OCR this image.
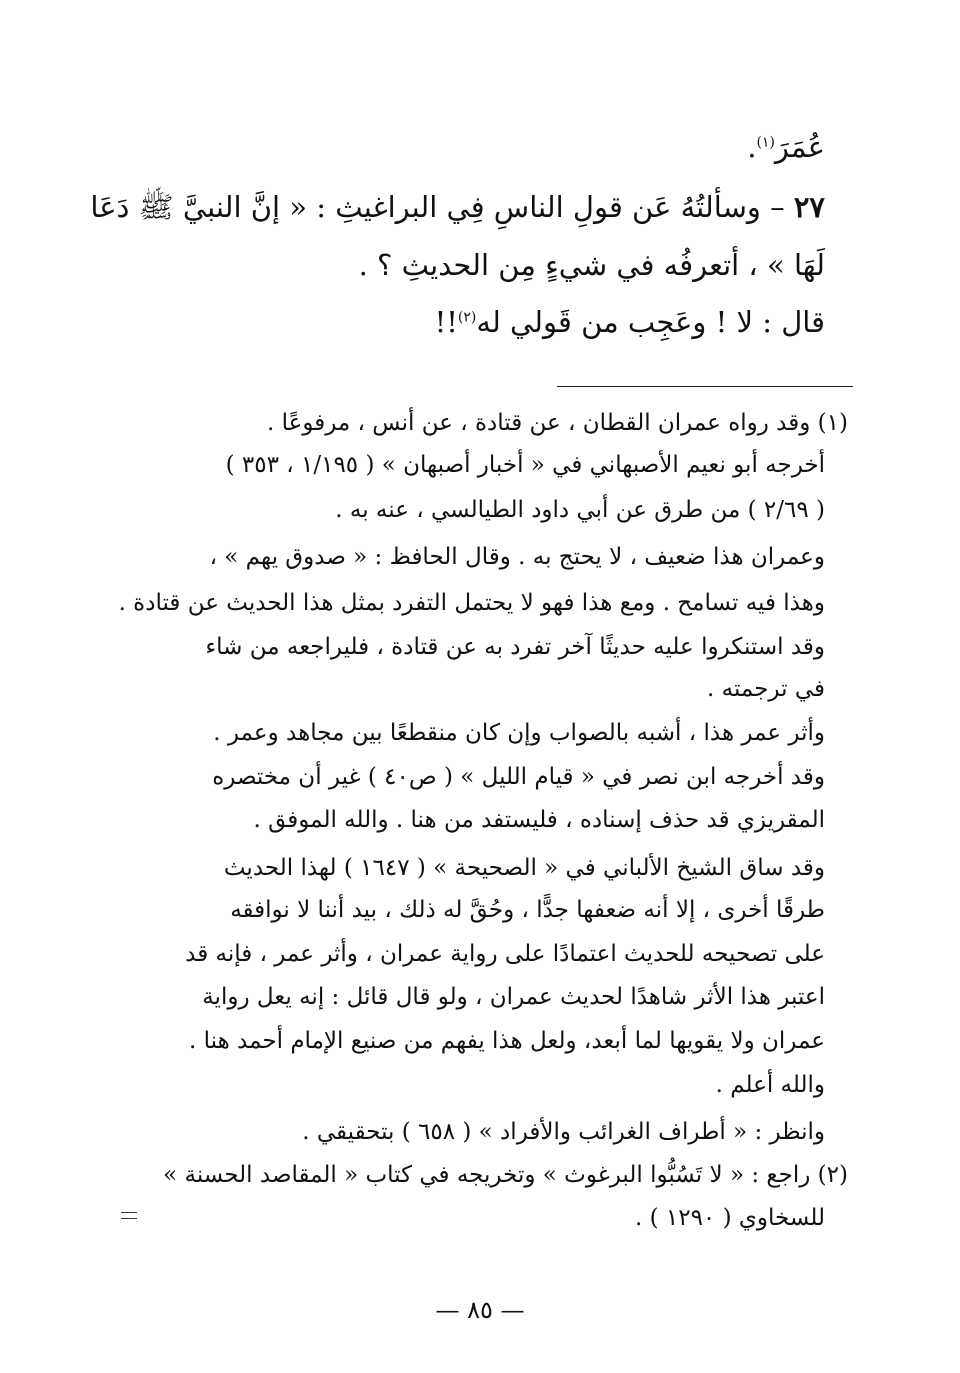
عُمَرَ$^{(١)}$.
٢٧ – وسألتُهُ عَن قولِ الناسِ فِي البراغيثِ : « إنَّ النبيَّ ﷺ دَعَا
لَهَا » ، أتعرفُه في شيءٍ مِن الحديثِ ؟ .
قال : لا ! وعَجِب من قَولي له$^{(٢)}$!!
(١) وقد رواه عمران القطان ، عن قتادة ، عن أنس ، مرفوعًا .
أخرجه أبو نعيم الأصبهاني في « أخبار أصبهان » ( ١/١٩٥ ، ٣٥٣ )
( ٢/٦٩ ) من طرق عن أبي داود الطيالسي ، عنه به .
وعمران هذا ضعيف ، لا يحتج به . وقال الحافظ : « صدوق يهم » ،
وهذا فيه تسامح . ومع هذا فهو لا يحتمل التفرد بمثل هذا الحديث عن قتادة .
وقد استنكروا عليه حديثًا آخر تفرد به عن قتادة ، فليراجعه من شاء
في ترجمته .
وأثر عمر هذا ، أشبه بالصواب وإن كان منقطعًا بين مجاهد وعمر .
وقد أخرجه ابن نصر في « قيام الليل » ( ص٤٠ ) غير أن مختصره
المقريزي قد حذف إسناده ، فليستفد من هنا . والله الموفق .
وقد ساق الشيخ الألباني في « الصحيحة » ( ١٦٤٧ ) لهذا الحديث
طرقًا أخرى ، إلا أنه ضعفها جدًّا ، وحُقَّ له ذلك ، بيد أننا لا نوافقه
على تصحيحه للحديث اعتمادًا على رواية عمران ، وأثر عمر ، فإنه قد
اعتبر هذا الأثر شاهدًا لحديث عمران ، ولو قال قائل : إنه يعل رواية
عمران ولا يقويها لما أبعد، ولعل هذا يفهم من صنيع الإمام أحمد هنا .
والله أعلم .
وانظر : « أطراف الغرائب والأفراد » ( ٦٥٨ ) بتحقيقي .
(٢) راجع : « لا تَسُبُّوا البرغوث » وتخريجه في كتاب « المقاصد الحسنة »
للسخاوي ( ١٢٩٠ ) .
— ٨٥ —
